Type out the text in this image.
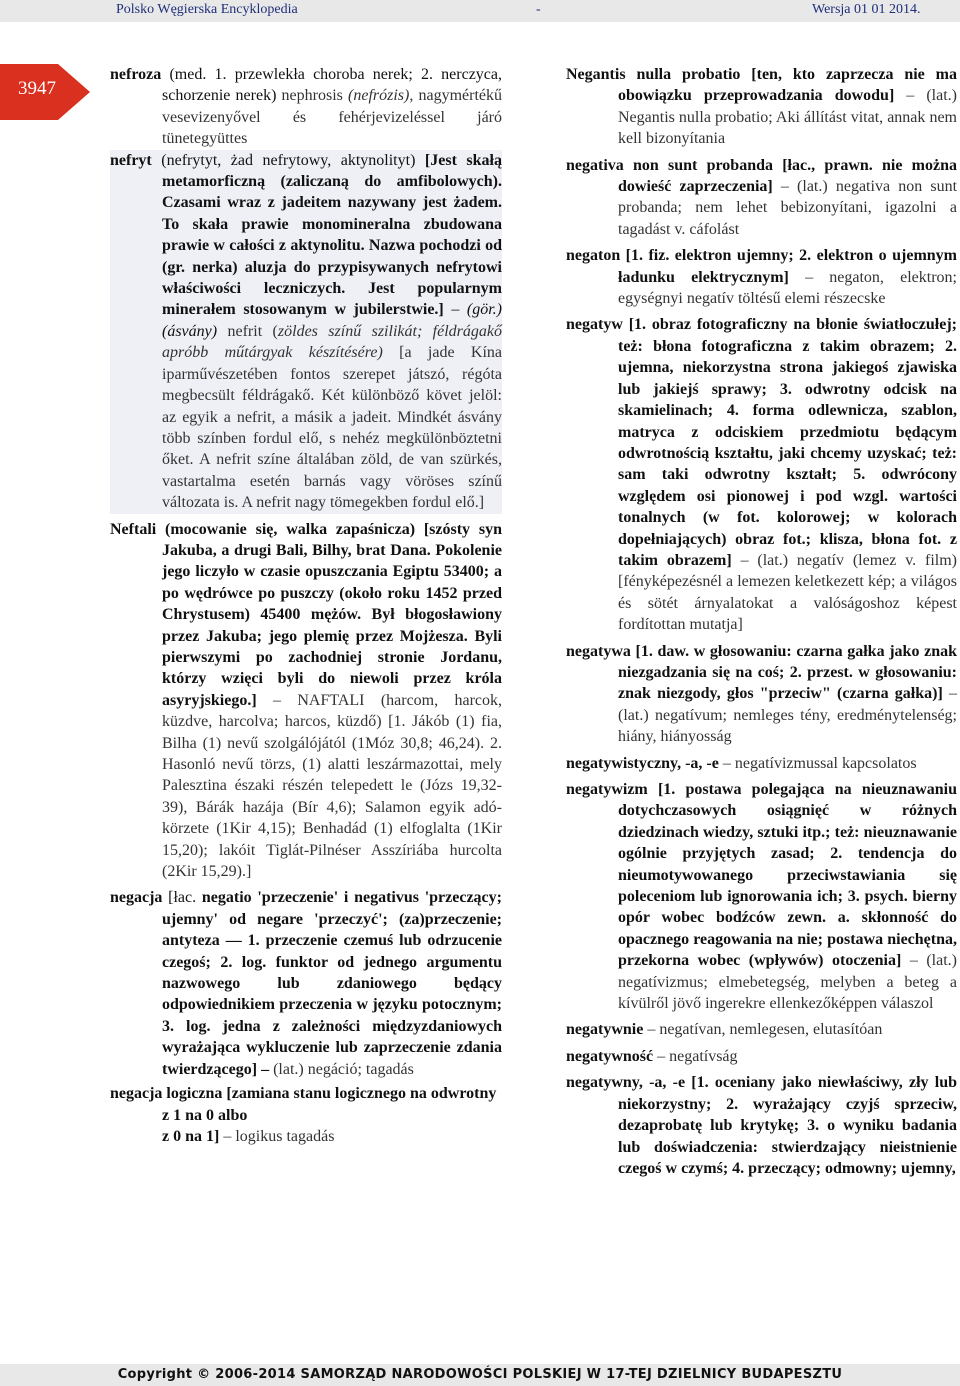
Polsko Węgierska Encyklopedia	-	Wersja 01 01 2014.
3947

nefroza (med. 1. przewlekła choroba nerek; 2. nerczyca, schorzenie nerek) nephrosis (nefrózis), nagymértékű vesevizenyővel és fehérjevizeléssel járó tünetegyüttes

nefryt (nefrytyt, żad nefrytowy, aktynolityt) [Jest skałą metamorficzną (zaliczaną do amfibolowych). Czasami wraz z jadeitem nazywany jest żadem. To skała prawie monomineralna zbudowana prawie w całości z aktynolitu. Nazwa pochodzi od (gr. nerka) aluzja do przypisywanych nefrytowi właściwości leczniczych. Jest popularnym minerałem stosowanym w jubilerstwie.] – (gör.) (ásvány) nefrit (zöldes színű szilikát; féldrágakő apróbb műtárgyak készítésére) [a jade Kína iparművészetében fontos szerepet játszó, régóta megbecsült féldrágakő. Két különböző követ jelöl: az egyik a nefrit, a másik a jadeit. Mindkét ásvány több színben fordul elő, s nehéz megkülönböztetni őket. A nefrit színe általában zöld, de van szürkés, vastartalma esetén barnás vagy vöröses színű változata is. A nefrit nagy tömegekben fordul elő.]

Neftali (mocowanie się, walka zapaśnicza) [szósty syn Jakuba, a drugi Bali, Bilhy, brat Dana. Pokolenie jego liczyło w czasie opuszczania Egiptu 53400; a po wędrówce po puszczy (około roku 1452 przed Chrystusem) 45400 mężów. Był błogosławiony przez Jakuba; jego plemię przez Mojżesza. Byli pierwszymi po zachodniej stronie Jordanu, którzy wzięci byli do niewoli przez króla asyryjskiego.] – NAFTALI (harcom, harcok, küzdve, harcolva; harcos, küzdő) [1. Jákób (1) fia, Bilha (1) nevű szolgálójától (1Móz 30,8; 46,24). 2. Hasonló nevű törzs, (1) alatti leszármazottai, mely Palesztina északi részén telepedett le (Józs 19,32-39), Bárák hazája (Bír 4,6); Salamon egyik adó-körzete (1Kir 4,15); Benhadád (1) elfoglalta (1Kir 15,20); lakóit Tiglát-Pilnéser Asszíriába hurcolta (2Kir 15,29).]

negacja [łac. negatio 'przeczenie' i negativus 'przeczący; ujemny' od negare 'przeczyć'; (za)przeczenie; antyteza — 1. przeczenie czemuś lub odrzucenie czegoś; 2. log. funktor od jednego argumentu nazwowego lub zdaniowego będący odpowiednikiem przeczenia w języku potocznym; 3. log. jedna z zależności międzyzdaniowych wyrażająca wykluczenie lub zaprzeczenie zdania twierdzącego] – (lat.) negáció; tagadás

negacja logiczna [zamiana stanu logicznego na odwrotny
z 1 na 0 albo
z 0 na 1] – logikus tagadás

Negantis nulla probatio [ten, kto zaprzecza nie ma obowiązku przeprowadzania dowodu] – (lat.) Negantis nulla probatio; Aki állítást vitat, annak nem kell bizonyítania

negativa non sunt probanda [łac., prawn. nie można dowieść zaprzeczenia] – (lat.) negativa non sunt probanda; nem lehet bebizonyítani, igazolni a tagadást v. cáfolást

negaton [1. fiz. elektron ujemny; 2. elektron o ujemnym ładunku elektrycznym] – negaton, elektron; egységnyi negatív töltésű elemi részecske

negatyw [1. obraz fotograficzny na błonie światłoczułej; też: błona fotograficzna z takim obrazem; 2. ujemna, niekorzystna strona jakiegoś zjawiska lub jakiejś sprawy; 3. odwrotny odcisk na skamielinach; 4. forma odlewnicza, szablon, matryca z odciskiem przedmiotu będącym odwrotnością kształtu, jaki chcemy uzyskać; też: sam taki odwrotny kształt; 5. odwrócony względem osi pionowej i pod wzgl. wartości tonalnych (w fot. kolorowej; w kolorach dopełniających) obraz fot.; klisza, błona fot. z takim obrazem] – (lat.) negatív (lemez v. film) [fényképezésnél a lemezen keletkezett kép; a világos és sötét árnyalatokat a valóságoshoz képest fordítottan mutatja]

negatywa [1. daw. w głosowaniu: czarna gałka jako znak niezgadzania się na coś; 2. przest. w głosowaniu: znak niezgody, głos "przeciw" (czarna gałka)] – (lat.) negatívum; nemleges tény, eredménytelenség; hiány, hiányosság

negatywistyczny, -a, -e – negatívizmussal kapcsolatos

negatywizm [1. postawa polegająca na nieuznawaniu dotychczasowych osiągnięć w różnych dziedzinach wiedzy, sztuki itp.; też: nieuznawanie ogólnie przyjętych zasad; 2. tendencja do nieumotywowanego przeciwstawiania się poleceniom lub ignorowania ich; 3. psych. bierny opór wobec bodźców zewn. a. skłonność do opacznego reagowania na nie; postawa niechętna, przekorna wobec (wpływów) otoczenia] – (lat.) negatívizmus; elmebetegség, melyben a beteg a kívülről jövő ingerekre ellenkezőképpen válaszol

negatywnie – negatívan, nemlegesen, elutasítóan

negatywność – negatívság

negatywny, -a, -e [1. oceniany jako niewłaściwy, zły lub niekorzystny; 2. wyrażający czyjś sprzeciw, dezaprobatę lub krytykę; 3. o wyniku badania lub doświadczenia: stwierdzający nieistnienie czegoś w czymś; 4. przeczący; odmowny; ujemny,

Copyright © 2006-2014 SAMORZĄD NARODOWOŚCI POLSKIEJ W 17-TEJ DZIELNICY BUDAPESZTU
